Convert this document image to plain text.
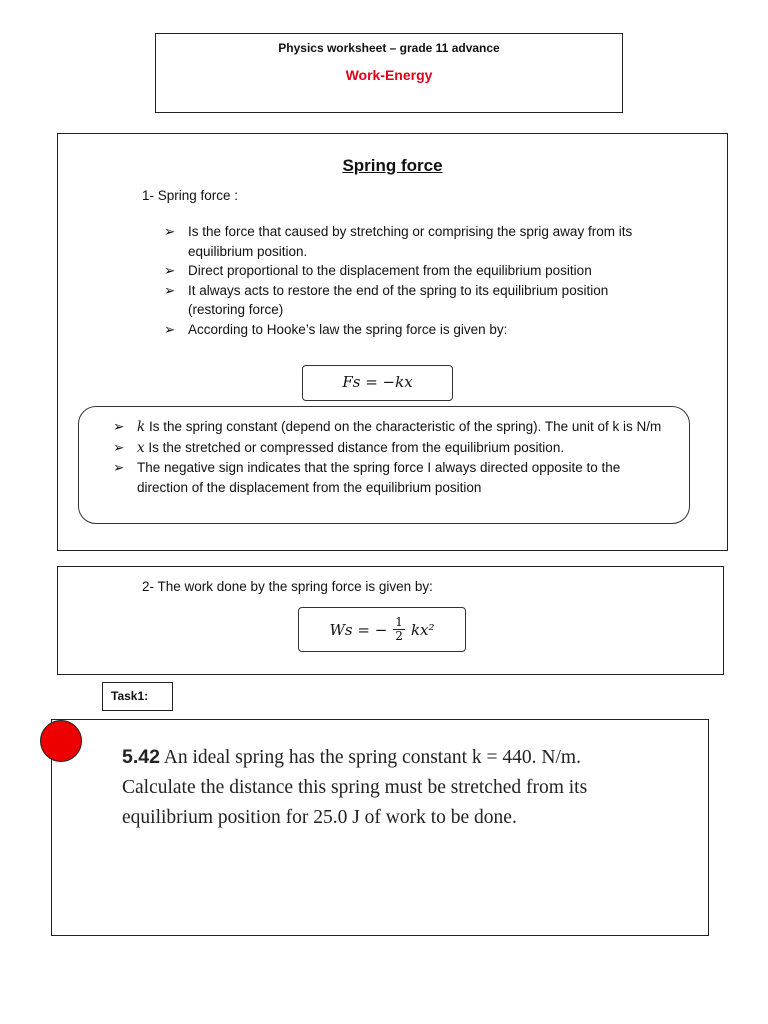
Physics worksheet – grade 11 advance
Work-Energy
Spring force
1- Spring force :
➢ Is the force that caused by stretching or comprising the sprig away from its equilibrium position.
➢ Direct proportional to the displacement from the equilibrium position
➢ It always acts to restore the end of the spring to its equilibrium position (restoring force)
➢ According to Hooke’s law the spring force is given by:
Fs = −kx
➢ k Is the spring constant (depend on the characteristic of the spring). The unit of k is N/m
➢ x Is the stretched or compressed distance from the equilibrium position.
➢ The negative sign indicates that the spring force I always directed opposite to the direction of the displacement from the equilibrium position
2- The work done by the spring force is given by:
Ws = − $\frac{1}{2} kx^2$
Task1:
5.42 An ideal spring has the spring constant k = 440. N/m. Calculate the distance this spring must be stretched from its equilibrium position for 25.0 J of work to be done.
